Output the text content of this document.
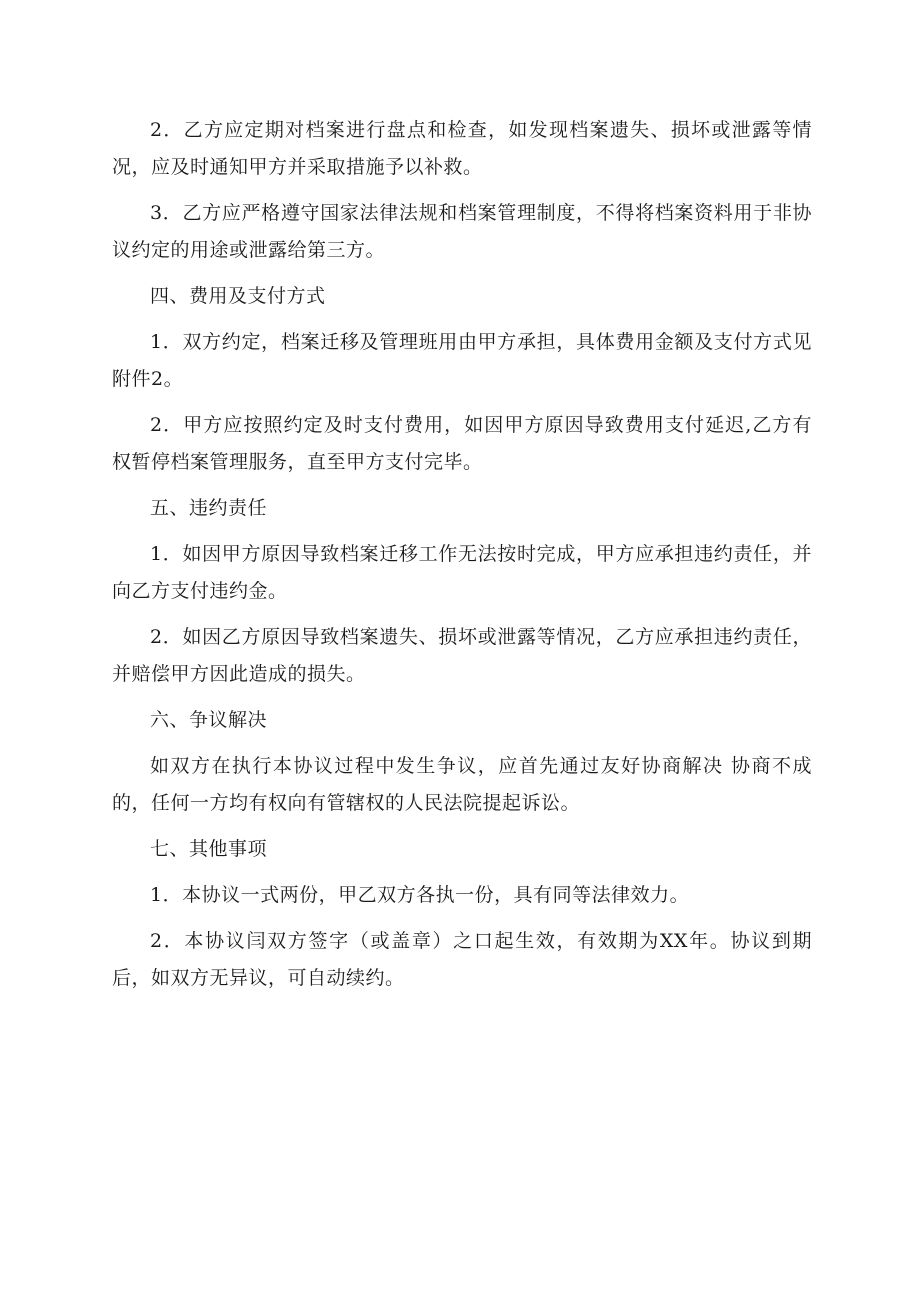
2．乙方应定期对档案进行盘点和检查，如发现档案遗失、损坏或泄露等情况，应及时通知甲方并采取措施予以补救。

3．乙方应严格遵守国家法律法规和档案管理制度，不得将档案资料用于非协议约定的用途或泄露给第三方。

四、费用及支付方式

1．双方约定，档案迁移及管理班用由甲方承担，具体费用金额及支付方式见附件2。

2．甲方应按照约定及时支付费用，如因甲方原因导致费用支付延迟,乙方有权暂停档案管理服务，直至甲方支付完毕。

五、违约责任

1．如因甲方原因导致档案迁移工作无法按时完成，甲方应承担违约责任，并向乙方支付违约金。

2．如因乙方原因导致档案遗失、损坏或泄露等情况，乙方应承担违约责任，并赔偿甲方因此造成的损失。

六、争议解决

如双方在执行本协议过程中发生争议，应首先通过友好协商解决 协商不成的，任何一方均有权向有管辖权的人民法院提起诉讼。

七、其他事项

1．本协议一式两份，甲乙双方各执一份，具有同等法律效力。

2．本协议闫双方签字（或盖章）之口起生效，有效期为XX年。协议到期后，如双方无异议，可自动续约。
